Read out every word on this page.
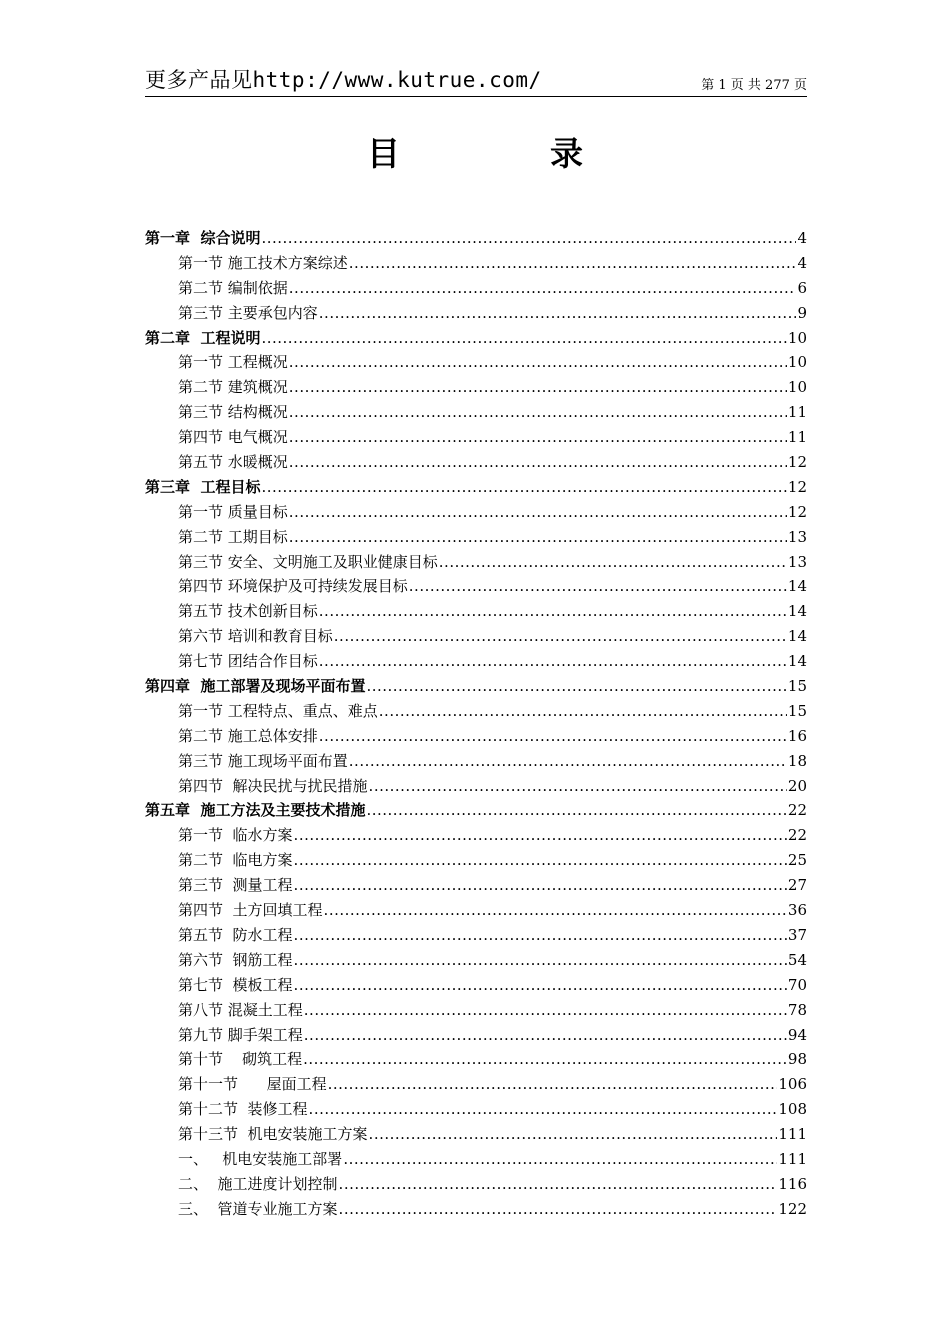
更多产品见http://www.kutrue.com/	第 1 页 共 277 页
目	录
第一章  综合说明 .....	4
第一节 施工技术方案综述 .....	4
第二节 编制依据 .....	6
第三节 主要承包内容 .....	9
第二章  工程说明 .....	10
第一节 工程概况 .....	10
第二节 建筑概况 .....	10
第三节 结构概况 .....	11
第四节 电气概况 .....	11
第五节 水暖概况 .....	12
第三章  工程目标 .....	12
第一节 质量目标 .....	12
第二节 工期目标 .....	13
第三节 安全、文明施工及职业健康目标 .....	13
第四节 环境保护及可持续发展目标 .....	14
第五节 技术创新目标 .....	14
第六节 培训和教育目标 .....	14
第七节 团结合作目标 .....	14
第四章  施工部署及现场平面布置 .....	15
第一节 工程特点、重点、难点 .....	15
第二节 施工总体安排 .....	16
第三节 施工现场平面布置 .....	18
第四节  解决民扰与扰民措施 .....	20
第五章  施工方法及主要技术措施 .....	22
第一节  临水方案 .....	22
第二节  临电方案 .....	25
第三节  测量工程 .....	27
第四节  土方回填工程 .....	36
第五节  防水工程 .....	37
第六节  钢筋工程 .....	54
第七节  模板工程 .....	70
第八节 混凝土工程 .....	78
第九节 脚手架工程 .....	94
第十节    砌筑工程 .....	98
第十一节      屋面工程 .....	106
第十二节  装修工程 .....	108
第十三节  机电安装施工方案 .....	111
一、   机电安装施工部署 .....	111
二、  施工进度计划控制 .....	116
三、  管道专业施工方案 .....	122
